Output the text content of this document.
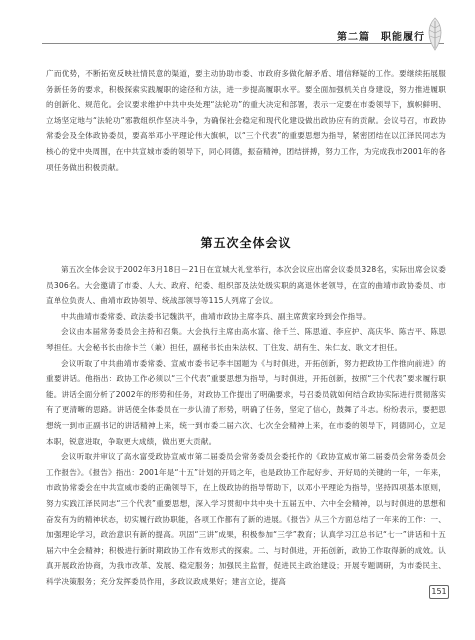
第二篇　职能履行

广而优势，不断拓宽反映社情民意的渠道，要主动协助市委、市政府多做化解矛盾、增信释疑的工作。要继续拓展服务新任务的要求，积极探索实践履职的途径和方法，进一步提高履职水平。要全面加强机关自身建设，努力推进履职的创新化、规范化。会议要求维护中共中央处理“法轮功”的重大决定和部署，表示一定要在市委领导下，旗帜鲜明、立场坚定地与“法轮功”邪教组织作坚决斗争，为确保社会稳定和现代化建设做出政协应有的贡献。会议号召，市政协常委会及全体政协委员，要高举邓小平理论伟大旗帜，以“三个代表”的重要思想为指导，紧密团结在以江泽民同志为核心的党中央周围，在中共宣城市委的领导下，同心同德，振奋精神，团结拼搏，努力工作，为完成我市2001年的各项任务做出积极贡献。

第五次全体会议

第五次全体会议于2002年3月18日－21日在宣城大礼堂举行，本次会议应出席会议委员328名，实际出席会议委员306名。大会邀请了市委、人大、政府、纪委、组织部及法处级实职的离退休老领导，在宣的曲靖市政协委员、市直单位负责人、曲靖市政协领导、统战部领导等115人列席了会议。

中共曲靖市委常委、政法委书记魏洪平，曲靖市政协主席李兵、副主席黄家玲到会作指导。

会议由本届常务委员会主持和召集。大会执行主席由高水富、徐千兰、陈思道、李应护、高庆华、陈吉平、陈思琴担任。大会秘书长由徐卡兰（兼）担任，副秘书长由朱法权、丁住发、胡有生、朱仁友、耿文才担任。

会议听取了中共曲靖市委常委、宣威市委书记李丰国题为《与时俱进，开拓创新，努力把政协工作推向前进》的重要讲话。他指出：政协工作必须以“三个代表”重要思想为指导，与时俱进，开拓创新，按照“三个代表”要求履行职能。讲话全面分析了2002年的形势和任务，对政协工作提出了明确要求，号召委员就如何结合政协实际进行贯彻落实有了更清晰的思路。讲话使全体委员在一步认清了形势，明确了任务，坚定了信心，鼓舞了斗志。纷纷表示，要把思想统一到市正副书记的讲话精神上来，统一到市委二届六次、七次全会精神上来，在市委的领导下，同德同心，立足本职，锐意进取，争取更大成绩，做出更大贡献。

会议听取并审议了高水富受政协宣威市第二届委员会常务委员会委托作的《政协宣威市第二届委员会常务委员会工作报告》。《报告》指出：2001年是“十五”计划的开局之年，也是政协工作起好步、开好局的关键的一年，一年来，市政协常委会在中共宣威市委的正确领导下，在上级政协的指导帮助下，以邓小平理论为指导，坚持四项基本原则，努力实践江泽民同志“三个代表”重要思想，深入学习贯彻中共中央十五届五中、六中全会精神，以与时俱进的思想和奋发有为的精神状态，切实履行政协职能，各项工作都有了新的进展。《报告》从三个方面总结了一年来的工作：一、加强理论学习，政治意识有新的提高。巩固“三讲”成果，积极参加“三学”教育；认真学习江总书记“七一”讲话和十五届六中全会精神；积极进行新时期政协工作有效形式的探索。二、与时俱进，开拓创新，政协工作取得新的成效。认真开展政治协商，为我市改革、发展、稳定服务；加强民主监督，促进民主政治建设；开展专题调研，为市委民主、科学决策服务；充分发挥委员作用，多政议政成果好；建言立论，提高

151
